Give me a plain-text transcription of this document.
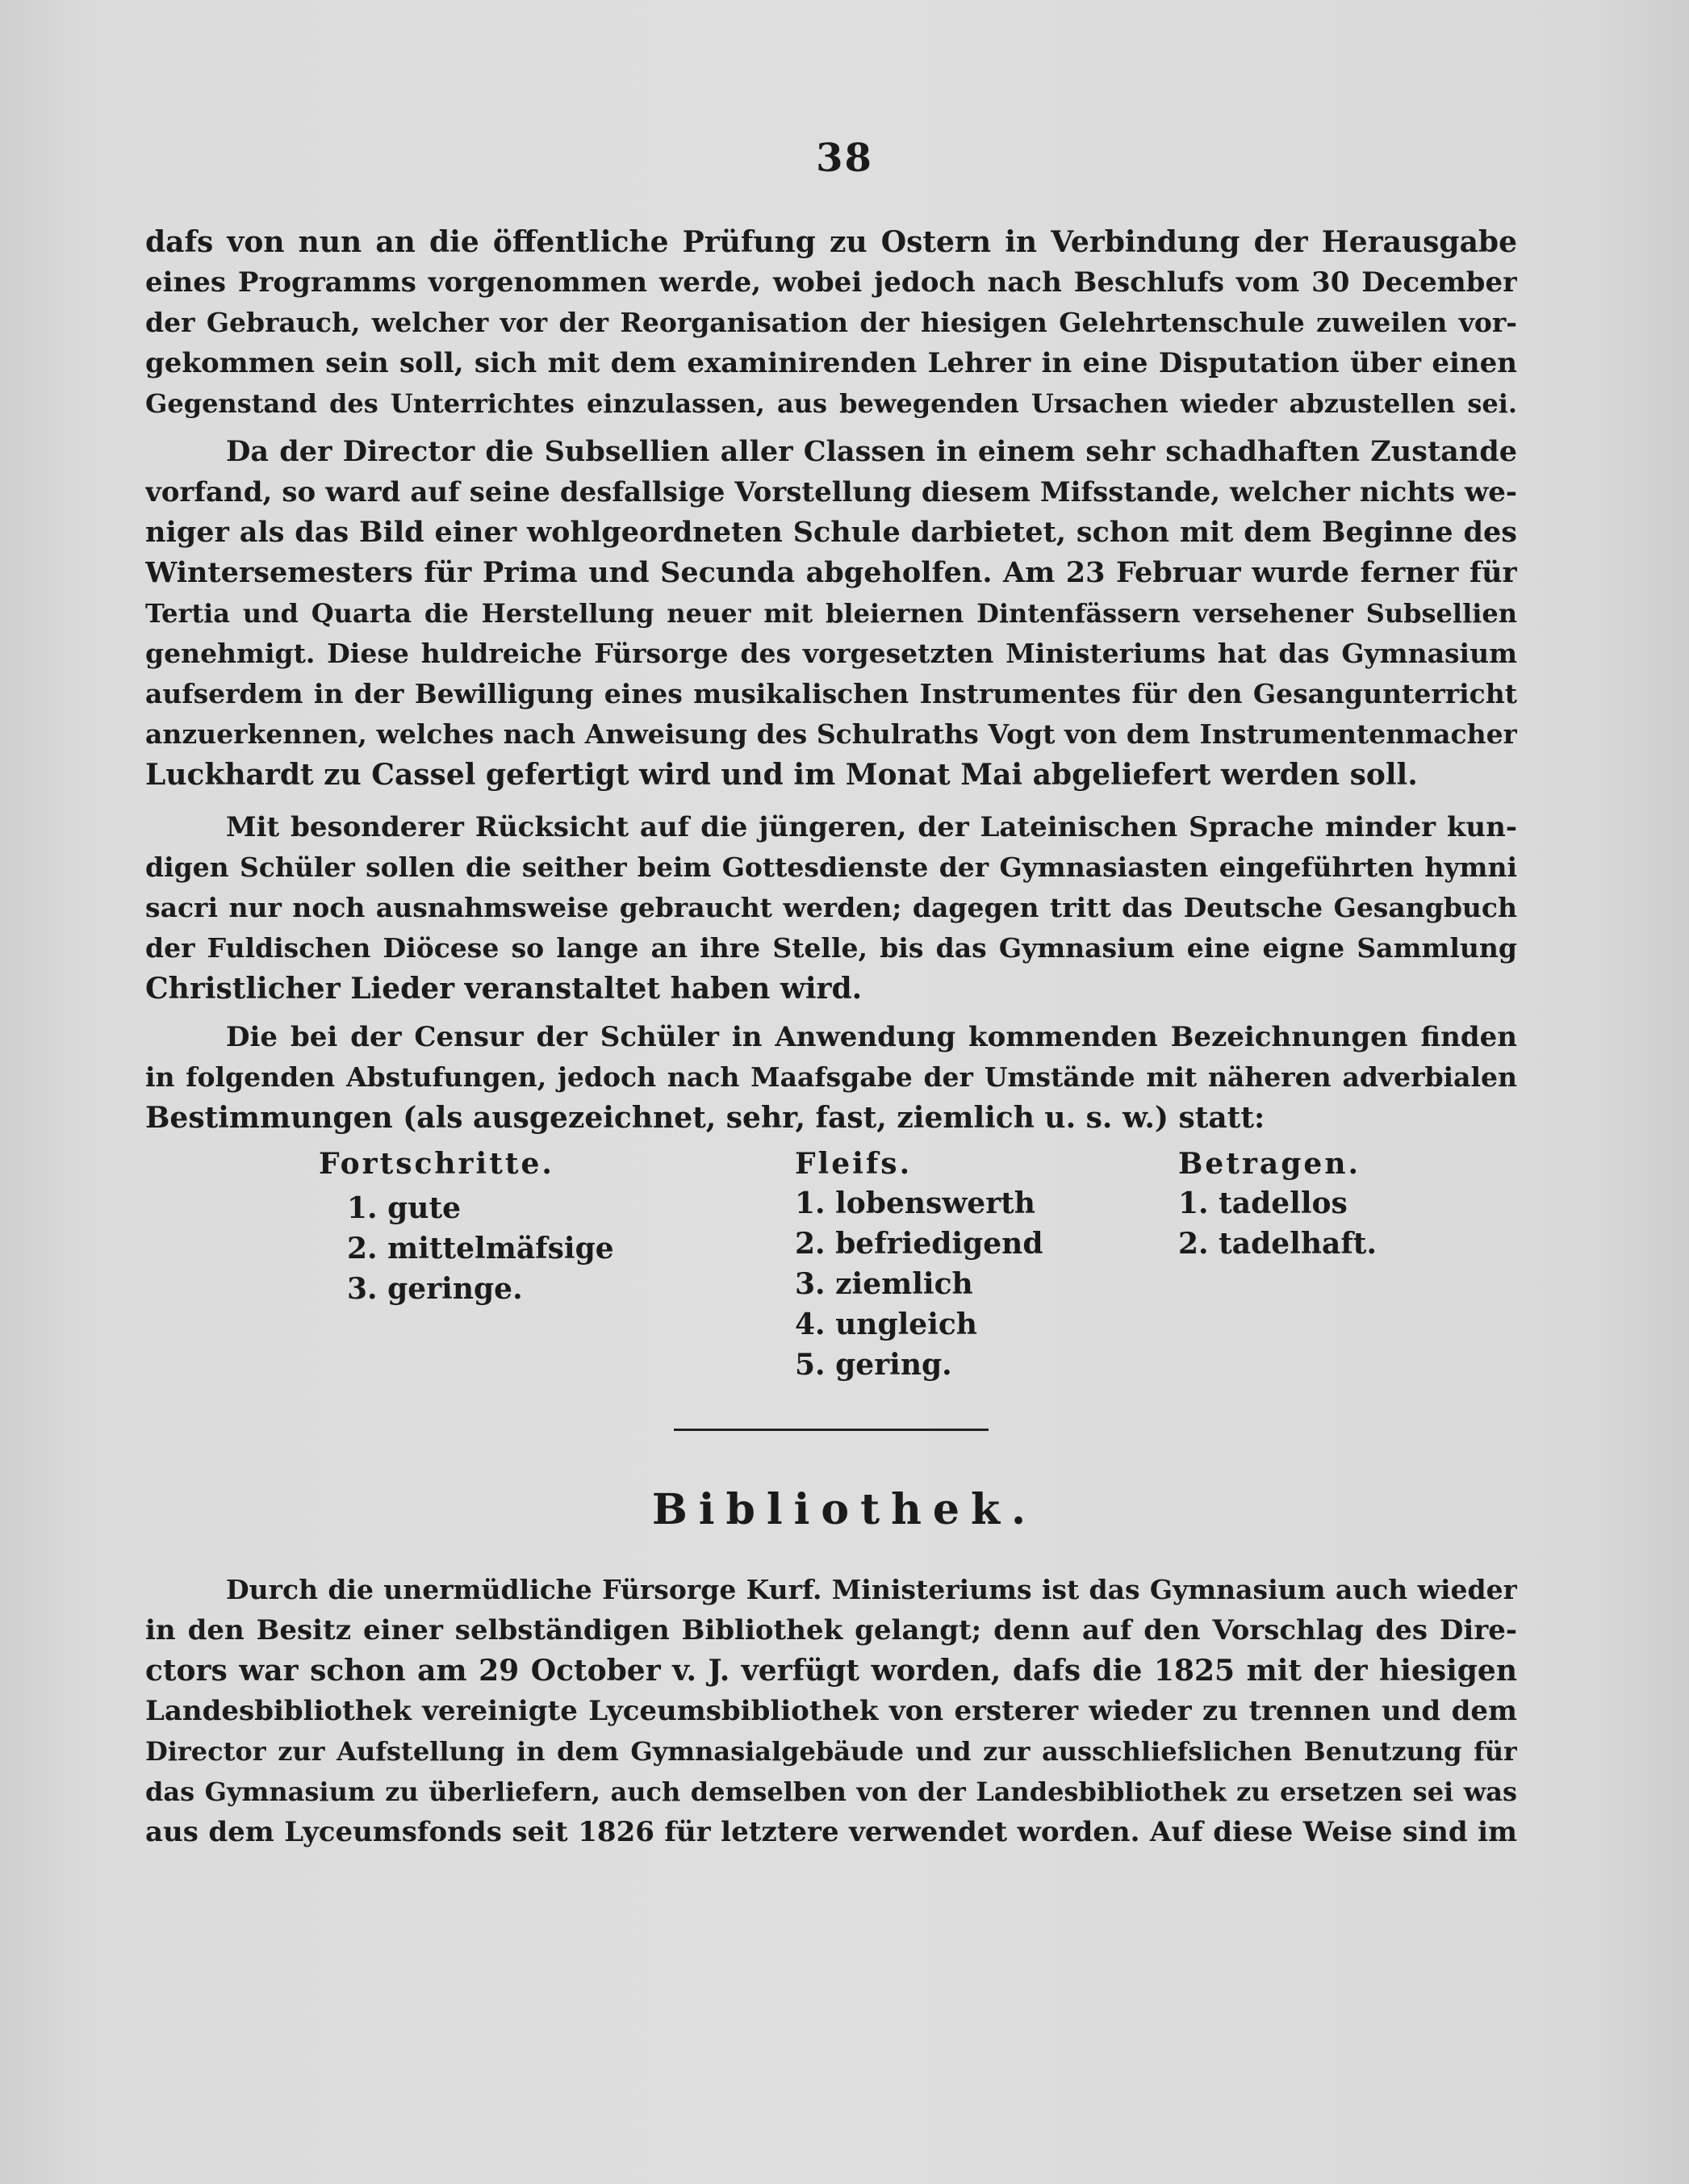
38
dafs von nun an die öffentliche Prüfung zu Ostern in Verbindung der Herausgabe
eines Programms vorgenommen werde, wobei jedoch nach Beschlufs vom 30 December
der Gebrauch, welcher vor der Reorganisation der hiesigen Gelehrtenschule zuweilen vor-
gekommen sein soll, sich mit dem examinirenden Lehrer in eine Disputation über einen
Gegenstand des Unterrichtes einzulassen, aus bewegenden Ursachen wieder abzustellen sei.
Da der Director die Subsellien aller Classen in einem sehr schadhaften Zustande
vorfand, so ward auf seine desfallsige Vorstellung diesem Mifsstande, welcher nichts we-
niger als das Bild einer wohlgeordneten Schule darbietet, schon mit dem Beginne des
Wintersemesters für Prima und Secunda abgeholfen. Am 23 Februar wurde ferner für
Tertia und Quarta die Herstellung neuer mit bleiernen Dintenfässern versehener Subsellien
genehmigt. Diese huldreiche Fürsorge des vorgesetzten Ministeriums hat das Gymnasium
aufserdem in der Bewilligung eines musikalischen Instrumentes für den Gesangunterricht
anzuerkennen, welches nach Anweisung des Schulraths Vogt von dem Instrumentenmacher
Luckhardt zu Cassel gefertigt wird und im Monat Mai abgeliefert werden soll.
Mit besonderer Rücksicht auf die jüngeren, der Lateinischen Sprache minder kun-
digen Schüler sollen die seither beim Gottesdienste der Gymnasiasten eingeführten hymni
sacri nur noch ausnahmsweise gebraucht werden; dagegen tritt das Deutsche Gesangbuch
der Fuldischen Diöcese so lange an ihre Stelle, bis das Gymnasium eine eigne Sammlung
Christlicher Lieder veranstaltet haben wird.
Die bei der Censur der Schüler in Anwendung kommenden Bezeichnungen finden
in folgenden Abstufungen, jedoch nach Maafsgabe der Umstände mit näheren adverbialen
Bestimmungen (als ausgezeichnet, sehr, fast, ziemlich u. s. w.) statt:
Fortschritte.
1. gute
2. mittelmäfsige
3. geringe.
Fleifs.
1. lobenswerth
2. befriedigend
3. ziemlich
4. ungleich
5. gering.
Betragen.
1. tadellos
2. tadelhaft.
Bibliothek.
Durch die unermüdliche Fürsorge Kurf. Ministeriums ist das Gymnasium auch wieder
in den Besitz einer selbständigen Bibliothek gelangt; denn auf den Vorschlag des Dire-
ctors war schon am 29 October v. J. verfügt worden, dafs die 1825 mit der hiesigen
Landesbibliothek vereinigte Lyceumsbibliothek von ersterer wieder zu trennen und dem
Director zur Aufstellung in dem Gymnasialgebäude und zur ausschliefslichen Benutzung für
das Gymnasium zu überliefern, auch demselben von der Landesbibliothek zu ersetzen sei was
aus dem Lyceumsfonds seit 1826 für letztere verwendet worden. Auf diese Weise sind im
